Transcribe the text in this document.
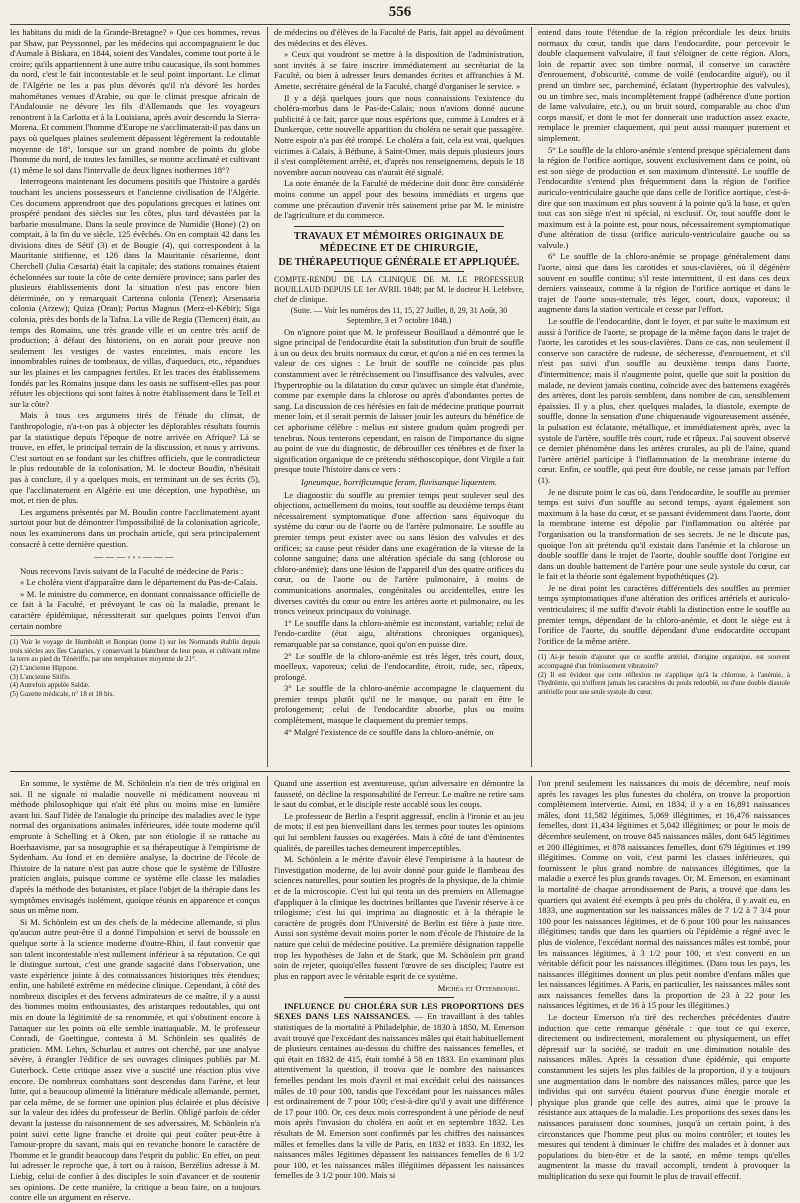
556

les habitans du midi de la Grande-Bretagne? » Que ces hommes, revus par Shaw, par Peyssonnel, par les médecins qui accompagnaient le duc d'Aumale à Biskara, en 1844, soient des Vandales, comme tout porte à le croire; qu'ils appartiennent à une autre tribu caucasique, ils sont hommes du nord, c'est le fait incontestable et le seul point important. Le climat de l'Algérie ne les a pas plus dévorés qu'il n'a dévoré les hordes mahométanes venues d'Arabie, ou que le climat presque africain de l'Andalousie ne dévore les fils d'Allemands que les voyageurs renontrent à la Carlotta et à la Louisiana, après avoir descendu la Sierra-Morena. Et comment l'homme d'Europe ne s'acclimaterait-il pas dans un pays où quelques plaines seulement dépassent légèrement la redoutable moyenne de 18°, lorsque sur un grand nombre de points du globe l'homme du nord, de toutes les familles, se montre acclimaté et cultivant (1) même le sol dans l'intervalle de deux lignes isothermes 18°?

Interrogeons maintenant les documens positifs que l'histoire a gardés touchant les anciens possesseurs et l'ancienne civilisation de l'Algérie. Ces documens apprendront que des populations grecques et latines ont prospéré pendant des siècles sur les côtes, plus tard dévastées par la barbarie musulmane. Dans la seule province de Numidie (Bone) (2) on comptait, à la fin du ve siècle, 125 évêchés. On en comptait 42 dans les divisions dites de Sétif (3) et de Bougie (4), qui correspondent à la Mauritanie sitifienne, et 126 dans la Mauritanie césarienne, dont Cherchell (Julia Cæsaria) était la capitale; des stations romaines étaient échelonnées sur toute la côte de cette dernière province; sans parler des plusieurs établissements dont la situation n'est pas encore bien déterminée, on y remarquait Cartenna colonia (Tenez); Arsenaaria colonia (Arzew); Quiza (Oran); Portus Magnus (Merz-el-Kébir); Siga colonia, près des bords de la Tafna. La ville de Regia (Tlemcen) était, au temps des Romains, une très grande ville et un centre très actif de production; à défaut des historiens, on en aurait pour preuve non seulement les vestiges de vastes enceintes, mais encore les innombrables ruines de tombeaux, de villas, d'aqueducs, etc., répandues sur les plaines et les campagnes fertiles. Et les traces des établissemens fondés par les Romains jusque dans les oasis ne suffisent-elles pas pour réfuter les objections qui sont faites à notre établissement dans le Tell et sur la côte?

Mais à tous ces argumens tirés de l'étude du climat, de l'anthropologie, n'a-t-on pas à objecter les déplorables résultats fournis par la statistique depuis l'époque de notre arrivée en Afrique? Là se trouve, en effet, le principal terrain de la discussion, et nous y arrivons. C'est surtout en se fondant sur les chiffres officiels, que le contradicteur le plus redoutable de la colonisation, M. le docteur Boudin, n'hésitait pas à conclure, il y a quelques mois, en terminant un de ses écrits (5), que l'acclimatement en Algérie est une déception, une hypothèse, un mot, et rien de plus.

Les argumens présentés par M. Boudin contre l'acclimatement ayant surtout pour but de démontrer l'impossibilité de la colonisation agricole, nous les examinerons dans un prochain article, qui sera principalement consacré à cette dernière question.

———◦◦◦———

Nous recevons l'avis suivant de la Faculté de médecine de Paris :

« Le choléra vient d'apparaître dans le département du Pas-de-Calais.

» M. le ministre du commerce, en donnant connaissance officielle de ce fait à la Faculté, et prévoyant le cas où la maladie, prenant le caractère épidémique, nécessiterait sur quelques points l'envoi d'un certain nombre

(1) Voir le voyage de Humboldt et Bonpian (tome 1) sur les Normands établis depuis trois siècles aux îles Canaries, y conservant la blancheur de leur peau, et cultivant même la terre au pied du Ténériffe, par une température moyenne de 21°.
(2) L'ancienne Hippone.
(3) L'ancienne Sitifis.
(4) Autrefois appelée Saldæ.
(5) Gazette médicale, n° 18 et 18 bis.

de médecins ou d'élèves de la Faculté de Paris, fait appel au dévoûment des médecins et des élèves.

» Ceux qui voudront se mettre à la disposition de l'administration, sont invités à se faire inscrire immédiatement au secrétariat de la Faculté, ou bien à adresser leurs demandes écrites et affranchies à M. Amette, secrétaire général de la Faculté, chargé d'organiser le service. »

Il y a déjà quelques jours que nous connaissions l'existence du choléra-morbus dans le Pas-de-Calais; nous n'avions donné aucune publicité à ce fait, parce que nous espérions que, comme à Londres et à Dunkerque, cette nouvelle apparition du choléra ne serait que passagère. Notre espoir n'a pas été trompé. Le choléra a fait, cela est vrai, quelques victimes à Calais, à Béthune, à Saint-Omer, mais depuis plusieurs jours il s'est complètement arrêté, et, d'après nos renseignemens, depuis le 18 novembre aucun nouveau cas n'aurait été signalé.

La note émanée de la Faculté de médecine doit donc être considérée moins comme un appel pour des besoins immédiats et urgens que comme une précaution d'avenir très sainement prise par M. le ministre de l'agriculture et du commerce.

TRAVAUX ET MÉMOIRES ORIGINAUX DE MÉDECINE ET DE CHIRURGIE,
DE THÉRAPEUTIQUE GÉNÉRALE ET APPLIQUÉE.

COMPTE-RENDU DE LA CLINIQUE DE M. LE PROFESSEUR BOUILLAUD DEPUIS LE 1er AVRIL 1848; par M. le docteur H. Lefebvre, chef de clinique.

(Suite. — Voir les numéros des 11, 15, 27 Juillet, 8, 29, 31 Août, 30 Septembre, 3 et 7 octobre 1848.)

On n'ignore point que M. le professeur Bouillaud a démontré que le signe principal de l'endocardite était la substitution d'un bruit de souffle à un ou deux des bruits normaux du cœur, et qu'on a nié en ces termes la valeur de ces signes : Le bruit de souffle ne coïncide pas plus constamment avec le rétrécissement ou l'insuffisance des valvules, avec l'hypertrophie ou la dilatation du cœur qu'avec un simple état d'anémie, comme par exemple dans la chlorose ou après d'abondantes pertes de sang. La discussion de ces hérésies en fait de médecine pratique pourrait mener loin, et il serait permis de laisser jouir les auteurs du bénéfice de cet aphorisme célèbre : melius est sistere gradum quàm progredi per tenebras. Nous tenterons cependant, en raison de l'importance du signe au point de vue du diagnostic, de débrouiller ces ténèbres et de fixer la signification organique de ce prétendu stéthoscopique, dont Virgile a fait presque toute l'histoire dans ce vers :

Igneumque, horrificumque feram, fluvisanque liquentem.

Le diagnostic du souffle au premier temps peut soulever seul des objections, actuellement du moins, tout souffle au deuxième temps étant nécessairement symptomatique d'une affection sans équivoque du système du cœur ou de l'aorte ou de l'artère pulmonaire. Le souffle au premier temps peut exister avec ou sans lésion des valvules et des orifices; sa cause peut résider dans une exagération de la vitesse de la colonne sanguine; dans une altération spéciale du sang (chlorose ou chloro-anémie); dans une lésion de l'appareil d'un des quatre orifices du cœur, ou de l'aorte ou de l'artère pulmonaire, à moins de communications anormales, congénitales ou accidentelles, entre les diverses cavités du cœur ou entre les artères aorte et pulmonaire, ou les troncs veineux principaux du voisinage.

1° Le souffle dans la chloro-anémie est inconstant, variable; celui de l'endo-cardite (état aigu, altérations chroniques organiques), remarquable par sa constance, quoi qu'on en puisse dire.

2° Le souffle de la chloro-anémie est très léger, très court, doux, moelleux, vaporeux; celui de l'endocardite, étroit, rude, sec, râpeux, prolongé.

3° Le souffle de la chloro-anémie accompagne le claquement du premier temps plutôt qu'il ne le masque, ou parait en être le prolongement; celui de l'endocardite absorbe, plus ou moins complètement, masque le claquement du premier temps.

4° Malgré l'existence de ce souffle dans la chloro-anémie, on

entend dans toute l'étendue de la région précordiale les deux bruits normaux du cœur, tandis que dans l'endocardite, pour percevoir le double claquement valvulaire, il faut s'éloigner de cette région. Alors, loin de repartir avec son timbre normal, il conserve un caractère d'enrouement, d'obscurité, comme de voilé (endocardite aiguë), ou il prend un timbre sec, parcheminé, éclatant (hypertrophie des valvules), ou un timbre sec, mais incomplètement frappé (adhérence d'une portion de lame valvulaire, etc.), ou un bruit sourd, comparable au choc d'un corps massif, et dont le mot fer donnerait une traduction assez exacte, remplace le premier claquement, qui peut aussi manquer purement et simplement.

5° Le souffle de la chloro-anémie s'entend presque spécialement dans la région de l'orifice aortique, souvent exclusivement dans ce point, où est son siège de production et son maximum d'intensité. Le souffle de l'endocardite s'entend plus fréquemment dans la région de l'orifice auriculo-ventriculaire gauche que dans celle de l'orifice aortique, c'est-à-dire que son maximum est plus souvent à la pointe qu'à la base, et qu'en tout cas son siège n'est ni spécial, ni exclusif. Or, tout souffle dont le maximum est à la pointe est, pour nous, nécessairement symptomatique d'une altération de tissu (orifice auriculo-ventriculaire gauche ou sa valvule.)

6° Le souffle de la chloro-anémie se propage généralement dans l'aorte, ainsi que dans les carotides et sous-clavières, où il dégénère souvent en souffle continu; s'il reste intermittent, il est dans ces deux derniers vaisseaux, comme à la région de l'orifice aortique et dans le trajet de l'aorte sous-sternale, très léger, court, doux, vaporeux; il augmente dans la station verticale et cesse par l'effort.

Le souffle de l'endocardite, dont le foyer, et par suite le maximum est aussi à l'orifice de l'aorte, se propage de la même façon dans le trajet de l'aorte, les carotides et les sous-clavières. Dans ce cas, non seulement il conserve son caractère de rudesse, de sécheresse, d'enrouement, et s'il n'est pas suivi d'un souffle au deuxième temps dans l'aorte, d'intermittence; mais il n'augmente point, quelle que soit la position du malade, ne devient jamais continu, coïncide avec des battemens exagérés des artères, dont les parois semblent, dans nombre de cas, sensiblement épaissies. Il y a plus, chez quelques malades, la diastole, exempte de souffle, donne la sensation d'une chiquenaude vigoureusement assénée, la pulsation est éclatante, métallique, et immédiatement après, avec la systole de l'artère, souffle très court, rude et râpeux. J'ai souvent observé ce dernier phénomène dans les artères crurales, au pli de l'aine, quand l'artère artériel participe à l'inflammation de la membrane interne du cœur. Enfin, ce souffle, qui peut être double, ne cesse jamais par l'effort (1).

Je ne discute point le cas où, dans l'endocardite, le souffle au premier temps est suivi d'un souffle au second temps, ayant également son maximum à la base du cœur, et se passant évidemment dans l'aorte, dont la membrane interne est dépolie par l'inflammation ou altérée par l'organisation ou la transformation de ses secrets. Je ne le discute pas, quoique l'on ait prétendu qu'il existait dans l'anémie et la chlorose un double souffle dans le trajet de l'aorte, double souffle dont l'origine est dans un double battement de l'artère pour une seule systole du cœur, car le fait et la théorie sont également hypothétiques (2).

Je ne dirai point les caractères différentiels des souffles au premier temps symptomatiques d'une altération des orifices artériels et auriculo-ventriculaires; il me suffit d'avoir établi la distinction entre le souffle au premier temps, dépendant de la chloro-anémie, et dont le siège est à l'orifice de l'aorte, du souffle dépendant d'une endocardite occupant l'orifice de la même artère.

(1) Ai-je besoin d'ajouter que ce souffle artériel, d'origine organique, est souvent accompagné d'un frémissement vibratoire?
(2) Il est évident que cette réflexion ne s'applique qu'à la chlorose, à l'anémie, à l'hydrémie, qui n'offrent jamais les caractères du pouls redoublé, ou d'une double diastole artérielle pour une seule systole du cœur.

En somme, le système de M. Schönlein n'a rien de très original en soi. Il ne signale ni maladie nouvelle ni médicament nouveau ni méthode philosophique qui n'ait été plus ou moins mise en lumière avant lui. Sauf l'idée de l'analogie du principe des maladies avec le type normal des organisations animales inférieures, idée toute moderne qu'il emprunte à Schelling et à Oken, par son étiologie il se rattache au Boerhaavisme, par sa nosographie et sa thérapeutique à l'empirisme de Sydenham. Au fond et en dernière analyse, la doctrine de l'école de l'histoire de la nature n'est pas autre chose que le système de l'illustre praticien anglais, puisque comme ce système elle classe les maladies d'après la méthode des botanistes, et place l'objet de la thérapie dans les symptômes envisagés isolément, quoique réunis en apparence et conçus sous un même nom.

Si M. Schönlein est un des chefs de la médecine allemande, si plus qu'aucun autre peut-être il a donné l'impulsion et servi de boussole en quelque sorte à la science moderne d'outre-Rhin, il faut convenir que son talent incontestable n'est nullement inférieur à sa réputation. Ce qui le distingue surtout, c'est une grande sagacité dans l'observation, une vaste expérience jointe à des connaissances historiques très étendues; enfin, une habileté extrême en médecine clinique. Cependant, à côté des nombreux disciples et des fervens admirateurs de ce maître, il y a aussi des hommes moins enthousiastes, des aristarques redoutables, qui ont mis en doute la légitimité de sa renommée, et qui s'obstinent encore à l'attaquer sur les points où elle semble inattaquable. M. le professeur Conradi, de Goettingue, contesta à M. Schönlein ses qualités de praticien. MM. Lehrs, Schurlau et autres ont cherché, par une analyse sévère, à étrangler l'édifice de ses ouvrages cliniques publiés par M. Guterbock. Cette critique assez vive a suscité une réaction plus vive encore. De nombreux combattans sont descendus dans l'arène, et leur lutte, qui a beaucoup alimenté la littérature médicale allemande, permet, par cela même, de se former une opinion plus éclairée et plus décisive sur la valeur des idées du professeur de Berlin. Obligé parfois de céder devant la justesse du raisonnement de ses adversaires, M. Schönlein n'a point suivi cette ligne franche et droite qui peut coûter peut-être à l'amour-propre du savant, mais qui en revanche honore le caractère de l'homme et le grandit beaucoup dans l'esprit du public. En effet, on peut lui adresser le reproche que, à tort ou à raison, Berzélius adresse à M. Liebig, celui de confier à des disciples le soin d'avancer et de soutenir ses opinions. De cette manière, la critique a beau faire, on a toujours contre elle un argument en réserve.

Quand une assertion est aventureuse, qu'un adversaire en démontre la fausseté, on décline la responsabilité de l'erreur. Le maître ne retire sans le saut du combat, et le disciple reste accablé sous les coups.

Le professeur de Berlin a l'esprit aggressif, enclin à l'ironie et au jeu de mots; il est peu bienveillant dans les termes pour toutes les opinions qui lui semblent fausses ou exagérées. Mais à côté de tant d'éminentes qualités, de pareilles taches demeurent imperceptibles.

M. Schönlein a le mérite d'avoir élevé l'empirisme à la hauteur de l'investigation moderne, de lui avoir donné pour guide le flambeau des sciences naturelles, pour soutien les progrès de la physique, de la chimie et de la microscopie. C'est lui qui tenta un des premiers en Allemagne d'appliquer à la clinique les doctrines brillantes que l'avenir réserve à ce trilogisme; c'est lui qui imprima au diagnostic et à la thérapie le caractère de progrès dont l'Université de Berlin est fière à juste titre. Aussi son système devait moins porter le nom d'école de l'histoire de la nature que celui de médecine positive. La première désignation rappelle trop les hypothèses de Jahn et de Stark, que M. Schönlein prit grand soin de rejeter, quoiqu'elles fussent l'œuvre de ses disciples; l'autre est plus en rapport avec le véritable esprit de ce système.

Michéa et Ottenbourg.

INFLUENCE DU CHOLÉRA SUR LES PROPORTIONS DES SEXES DANS LES NAISSANCES. — En travaillant à des tables statistiques de la mortalité à Philadelphie, de 1830 à 1850, M. Emerson avait trouvé que l'excédant des naissances mâles qui était habituellement de plusieurs centaines au-dessus du chiffre des naissances femelles, et qui était en 1832 de 415, était tombé à 58 en 1833. En examinant plus attentivement la question, il trouva que le nombre des naissances femelles pendant les mois d'avril et mai excédait celui des naissances mâles de 10 pour 100, tandis que l'excédant pour les naissances mâles est ordinairement de 7 pour 100; c'est-à-dire qu'il y avait une différence de 17 pour 100. Or, ces deux mois correspondent à une période de neuf mois après l'invasion du choléra en août et en septembre 1832. Les résultats de M. Emerson sont confirmés par les chiffres des naissances mâles et femelles dans la ville de Paris, en 1832 et 1833. En 1832, les naissances mâles légitimes dépassent les naissances femelles de 6 1/2 pour 100, et les naissances mâles illégitimes dépassent les naissances femelles de 3 1/2 pour 100. Mais si

l'on prend seulement les naissances du mois de décembre, neuf mois après les ravages les plus funestes du choléra, on trouve la proportion complètement intervertie. Ainsi, en 1834, il y a en 16,891 naissances mâles, dont 11,582 légitimes, 5,069 illégitimes, et 16,476 naissances femelles, dont 11,434 légitimes et 5,042 illégitimes; or pour le mois de décembre seulement, on trouve 845 naissances mâles, dont 645 légitimes et 200 illégitimes, et 878 naissances femelles, dont 679 légitimes et 199 illégitimes. Comme on voit, c'est parmi les classes inférieures, qui fournissent le plus grand nombre de naissances illégitimes, que la maladie a exercé les plus grands ravages. Or, M. Emerson, en examinant la mortalité de chaque arrondissement de Paris, a trouvé que dans les quartiers qui avaient été exempts à peu près du choléra, il y avait eu, en 1833, une augmentation sur les naissances mâles de 7 1/2 à 7 3/4 pour 100 pour les naissances légitimes, et de 6 pour 100 pour les naissances illégitimes; tandis que dans les quartiers où l'épidémie a régné avec le plus de violence, l'excédant normal des naissances mâles est tombé, pour les naissances légitimes, à 3 1/2 pour 100, et s'est converti en un véritable déficit pour les naissances illégitimes. (Dans tous les pays, les naissances illégitimes donnent un plus petit nombre d'enfans mâles que les naissances légitimes. A Paris, en particulier, les naissances mâles sont aux naissances femelles dans la proportion de 23 à 22 pour les naissances légitimes, et de 16 à 15 pour les illégitimes.)

Le docteur Emerson n'a tiré des recherches précédentes d'autre induction que cette remarque générale : que tout ce qui exerce, directement ou indirectement, moralement ou physiquement, un effet dépressif sur la société, se traduit en une diminution notable des naissances mâles. Après la cessation d'une épidémie, qui emporte constamment les sujets les plus faibles de la proportion, il y a toujours une augmentation dans le nombre des naissances mâles, parce que les individus qui ont survécu étaient pourvus d'une énergie morale et physique plus grande que celle des autres, ainsi que le prouve la résistance aux attaques de la maladie. Les proportions des sexes dans les naissances paraissent donc soumises, jusqu'à un certain point, à des circonstances que l'homme peut plus ou moins contrôler; et toutes les mesures qui tendent à diminuer le chiffre des malades et à donner aux populations du bien-être et de la santé, en même temps qu'elles augmentent la masse du travail accompli, tendent à provoquer la multiplication du sexe qui fournit le plus de travail effectif.
